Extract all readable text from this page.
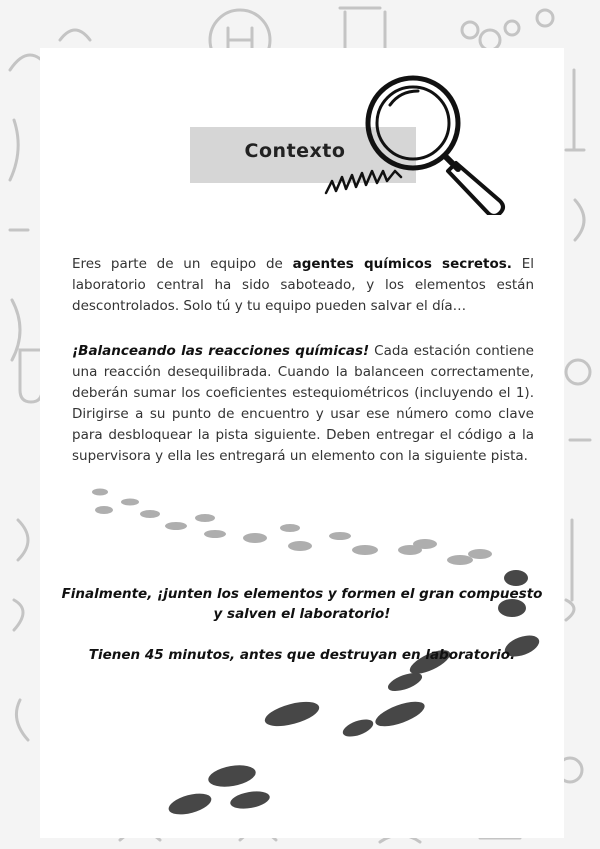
Contexto

Eres parte de un equipo de agentes químicos secretos. El laboratorio central ha sido saboteado, y los elementos están descontrolados. Solo tú y tu equipo pueden salvar el día…

¡Balanceando las reacciones químicas! Cada estación contiene una reacción desequilibrada. Cuando la balanceen correctamente, deberán sumar los coeficientes estequiométricos (incluyendo el 1). Dirigirse a su punto de encuentro y usar ese número como clave para desbloquear la pista siguiente. Deben entregar el código a la supervisora y ella les entregará un elemento con la siguiente pista.

Finalmente, ¡junten los elementos y formen el gran compuesto y salven el laboratorio!

Tienen 45 minutos, antes que destruyan en laboratorio.
